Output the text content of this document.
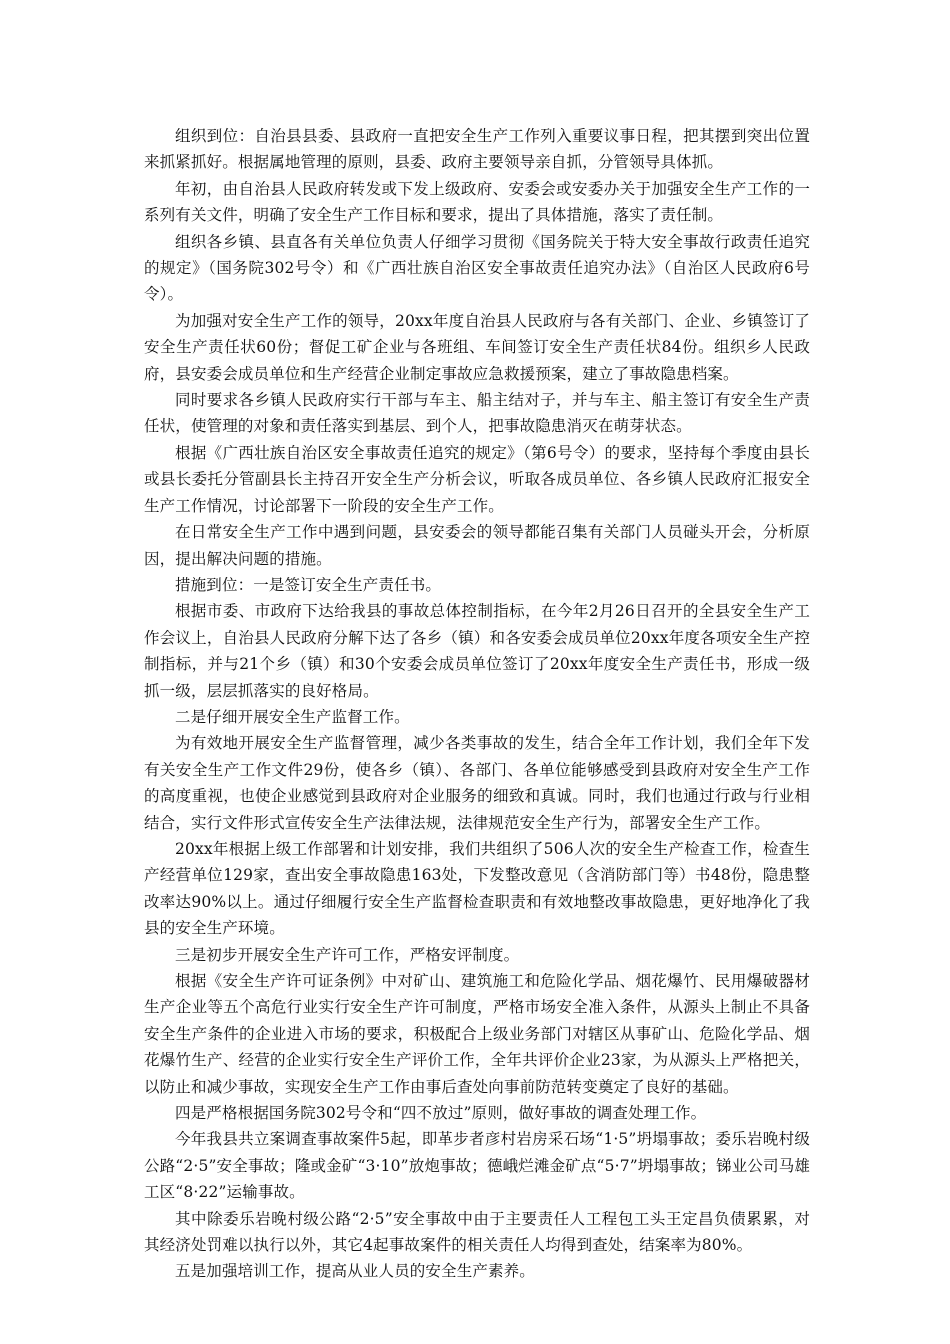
组织到位：自治县县委、县政府一直把安全生产工作列入重要议事日程，把其摆到突出位置来抓紧抓好。根据属地管理的原则，县委、政府主要领导亲自抓，分管领导具体抓。

年初，由自治县人民政府转发或下发上级政府、安委会或安委办关于加强安全生产工作的一系列有关文件，明确了安全生产工作目标和要求，提出了具体措施，落实了责任制。

组织各乡镇、县直各有关单位负责人仔细学习贯彻《国务院关于特大安全事故行政责任追究的规定》（国务院302号令）和《广西壮族自治区安全事故责任追究办法》（自治区人民政府6号令）。

为加强对安全生产工作的领导，20xx年度自治县人民政府与各有关部门、企业、乡镇签订了安全生产责任状60份；督促工矿企业与各班组、车间签订安全生产责任状84份。组织乡人民政府，县安委会成员单位和生产经营企业制定事故应急救援预案，建立了事故隐患档案。

同时要求各乡镇人民政府实行干部与车主、船主结对子，并与车主、船主签订有安全生产责任状，使管理的对象和责任落实到基层、到个人，把事故隐患消灭在萌芽状态。

根据《广西壮族自治区安全事故责任追究的规定》（第6号令）的要求，坚持每个季度由县长或县长委托分管副县长主持召开安全生产分析会议，听取各成员单位、各乡镇人民政府汇报安全生产工作情况，讨论部署下一阶段的安全生产工作。

在日常安全生产工作中遇到问题，县安委会的领导都能召集有关部门人员碰头开会，分析原因，提出解决问题的措施。

措施到位：一是签订安全生产责任书。

根据市委、市政府下达给我县的事故总体控制指标，在今年2月26日召开的全县安全生产工作会议上，自治县人民政府分解下达了各乡（镇）和各安委会成员单位20xx年度各项安全生产控制指标，并与21个乡（镇）和30个安委会成员单位签订了20xx年度安全生产责任书，形成一级抓一级，层层抓落实的良好格局。

二是仔细开展安全生产监督工作。

为有效地开展安全生产监督管理，减少各类事故的发生，结合全年工作计划，我们全年下发有关安全生产工作文件29份，使各乡（镇）、各部门、各单位能够感受到县政府对安全生产工作的高度重视，也使企业感觉到县政府对企业服务的细致和真诚。同时，我们也通过行政与行业相结合，实行文件形式宣传安全生产法律法规，法律规范安全生产行为，部署安全生产工作。

20xx年根据上级工作部署和计划安排，我们共组织了506人次的安全生产检查工作，检查生产经营单位129家，查出安全事故隐患163处，下发整改意见（含消防部门等）书48份，隐患整改率达90%以上。通过仔细履行安全生产监督检查职责和有效地整改事故隐患，更好地净化了我县的安全生产环境。

三是初步开展安全生产许可工作，严格安评制度。

根据《安全生产许可证条例》中对矿山、建筑施工和危险化学品、烟花爆竹、民用爆破器材生产企业等五个高危行业实行安全生产许可制度，严格市场安全准入条件，从源头上制止不具备安全生产条件的企业进入市场的要求，积极配合上级业务部门对辖区从事矿山、危险化学品、烟花爆竹生产、经营的企业实行安全生产评价工作，全年共评价企业23家，为从源头上严格把关，以防止和减少事故，实现安全生产工作由事后查处向事前防范转变奠定了良好的基础。

四是严格根据国务院302号令和“四不放过”原则，做好事故的调查处理工作。

今年我县共立案调查事故案件5起，即革步者彦村岩房采石场“1·5”坍塌事故；委乐岩晚村级公路“2·5”安全事故；隆或金矿“3·10”放炮事故；德峨烂滩金矿点“5·7”坍塌事故；锑业公司马雄工区“8·22”运输事故。

其中除委乐岩晚村级公路“2·5”安全事故中由于主要责任人工程包工头王定昌负债累累，对其经济处罚难以执行以外，其它4起事故案件的相关责任人均得到查处，结案率为80%。

五是加强培训工作，提高从业人员的安全生产素养。
